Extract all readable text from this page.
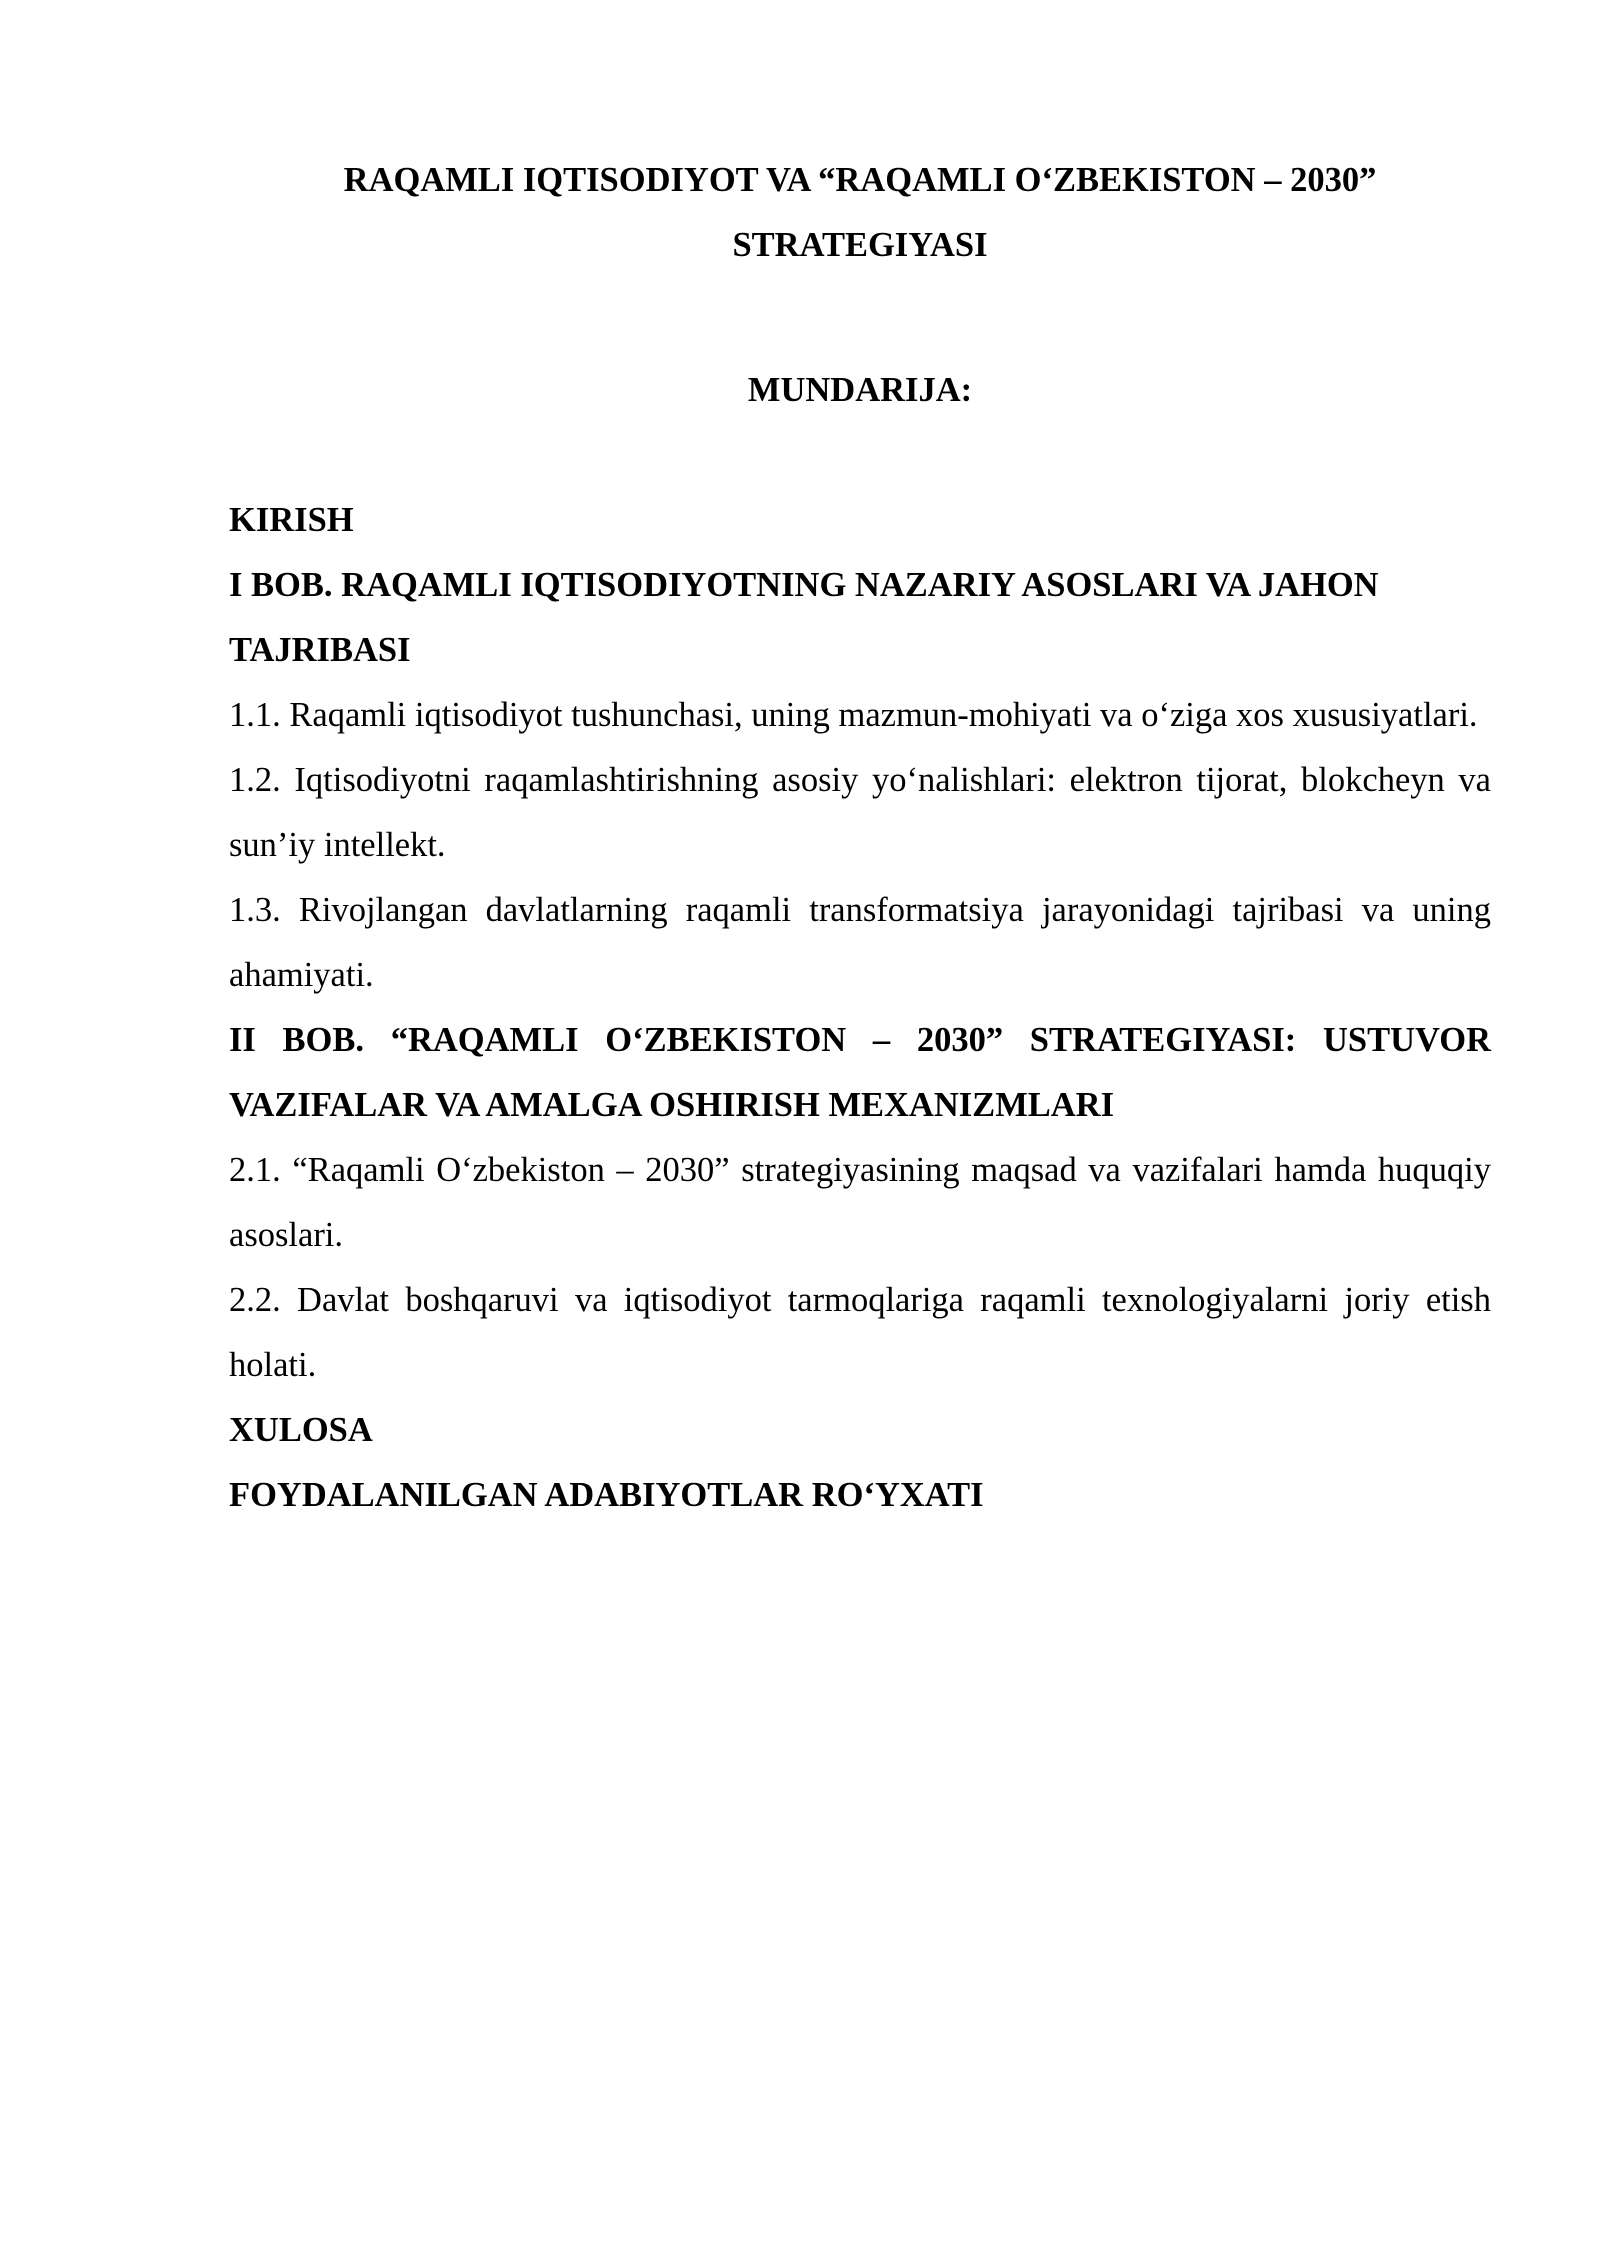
RAQAMLI IQTISODIYOT VA “RAQAMLI O‘ZBEKISTON – 2030”
STRATEGIYASI
MUNDARIJA:
KIRISH
I BOB. RAQAMLI IQTISODIYOTNING NAZARIY ASOSLARI VA JAHON TAJRIBASI
1.1. Raqamli iqtisodiyot tushunchasi, uning mazmun-mohiyati va o‘ziga xos xususiyatlari.
1.2. Iqtisodiyotni raqamlashtirishning asosiy yo‘nalishlari: elektron tijorat, blokcheyn va sun’iy intellekt.
1.3. Rivojlangan davlatlarning raqamli transformatsiya jarayonidagi tajribasi va uning ahamiyati.
II BOB. “RAQAMLI O‘ZBEKISTON – 2030” STRATEGIYASI: USTUVOR VAZIFALAR VA AMALGA OSHIRISH MEXANIZMLARI
2.1. “Raqamli O‘zbekiston – 2030” strategiyasining maqsad va vazifalari hamda huquqiy asoslari.
2.2. Davlat boshqaruvi va iqtisodiyot tarmoqlariga raqamli texnologiyalarni joriy etish holati.
XULOSA
FOYDALANILGAN ADABIYOTLAR RO‘YXATI
